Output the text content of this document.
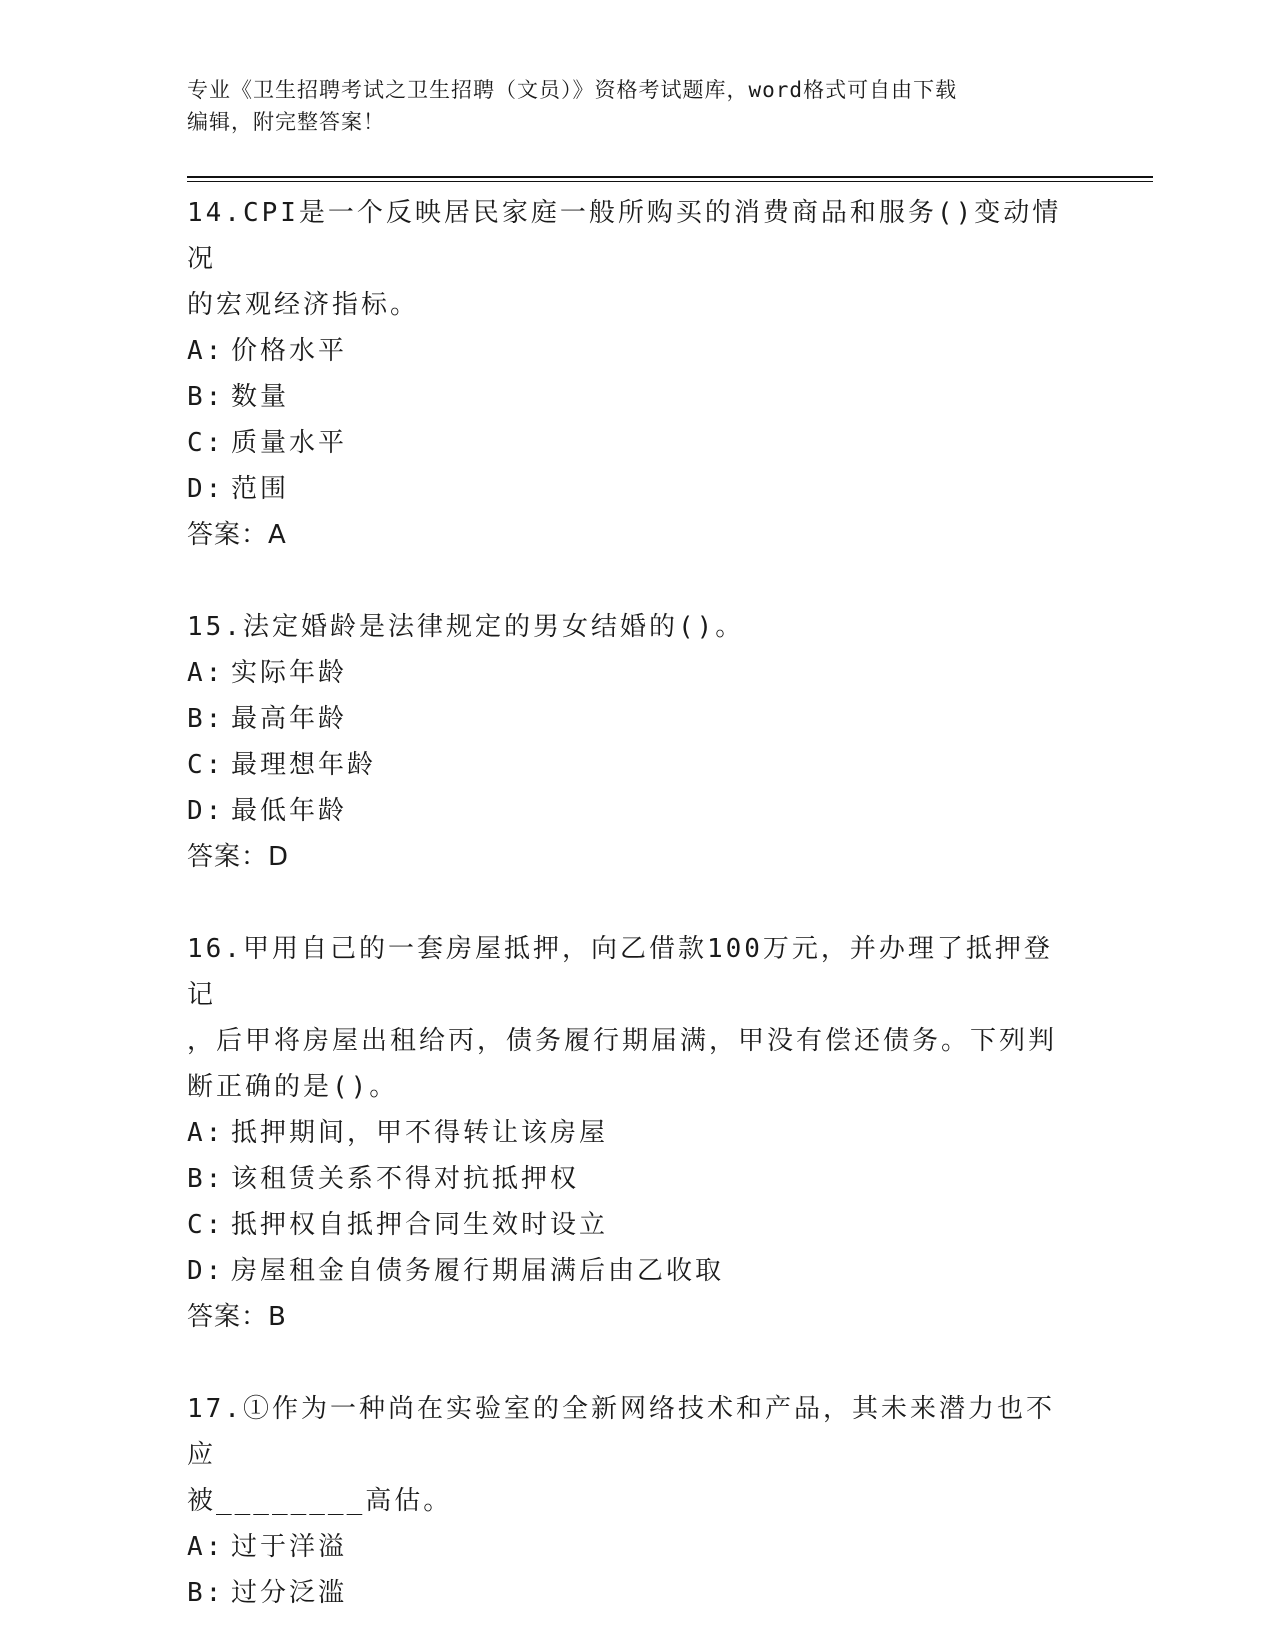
专业《卫生招聘考试之卫生招聘（文员）》资格考试题库，word格式可自由下载
编辑，附完整答案！

14.CPI是一个反映居民家庭一般所购买的消费商品和服务()变动情况

的宏观经济指标。

A: 价格水平

B: 数量

C: 质量水平

D: 范围

答案：A

15.法定婚龄是法律规定的男女结婚的()。

A: 实际年龄

B: 最高年龄

C: 最理想年龄

D: 最低年龄

答案：D

16.甲用自己的一套房屋抵押，向乙借款100万元，并办理了抵押登记

，后甲将房屋出租给丙，债务履行期届满，甲没有偿还债务。下列判

断正确的是()。

A: 抵押期间，甲不得转让该房屋

B: 该租赁关系不得对抗抵押权

C: 抵押权自抵押合同生效时设立

D: 房屋租金自债务履行期届满后由乙收取

答案：B

17.①作为一种尚在实验室的全新网络技术和产品，其未来潜力也不应

被________高估。

A: 过于洋溢

B: 过分泛滥
